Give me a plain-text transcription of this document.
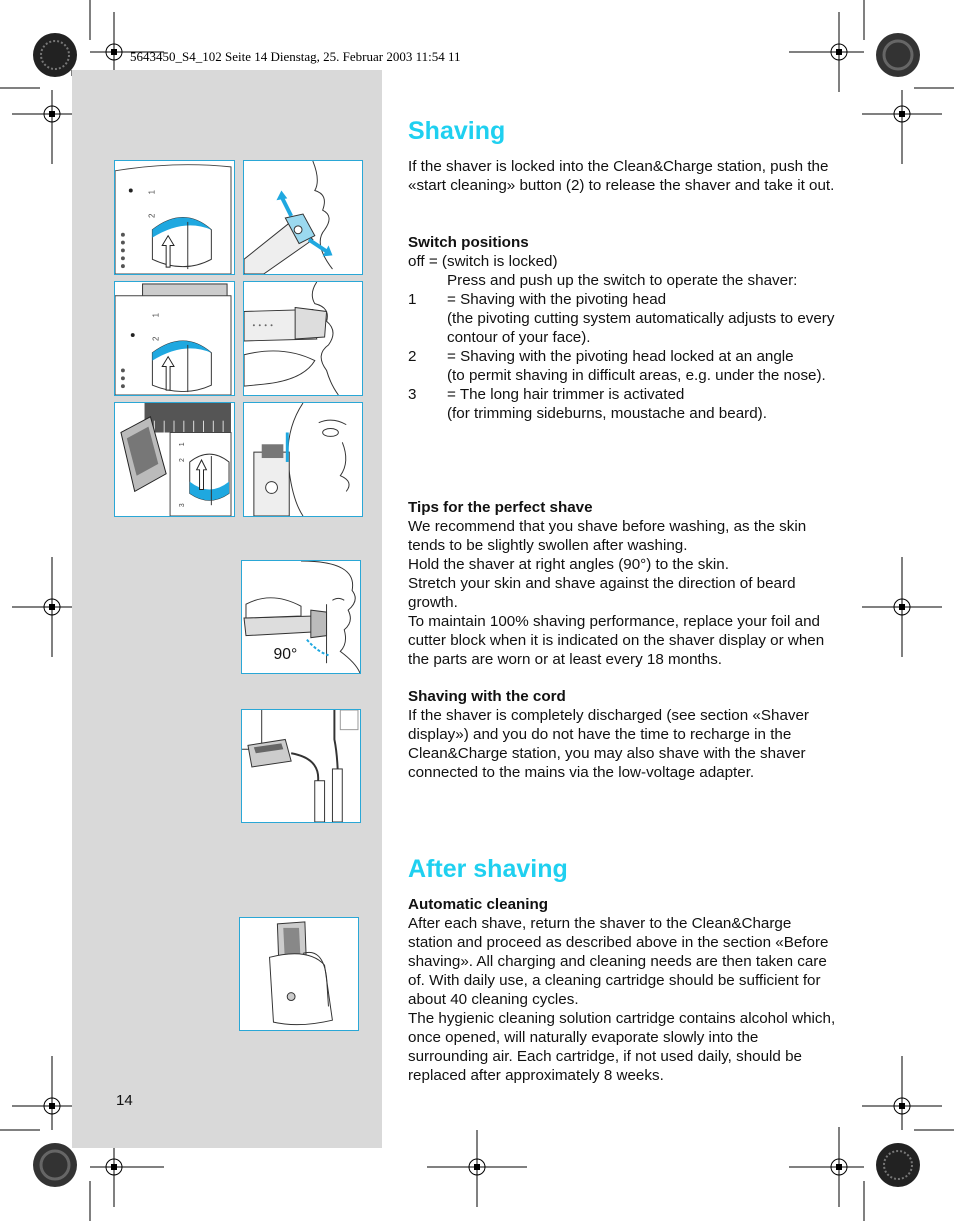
5643450_S4_102 Seite 14 Dienstag, 25. Februar 2003 11:54 11
1
2
1
2
1
2
3
90°
14
Shaving

If the shaver is locked into the Clean&Charge station, push the «start cleaning» button (2) to release the shaver and take it out.

Switch positions
off = (switch is locked)
Press and push up the switch to operate the shaver:
1	= Shaving with the pivoting head
(the pivoting cutting system automatically adjusts to every contour of your face).
2	= Shaving with the pivoting head locked at an angle
(to permit shaving in difficult areas, e.g. under the nose).
3	= The long hair trimmer is activated
(for trimming sideburns, moustache and beard).
Tips for the perfect shave
We recommend that you shave before washing, as the skin tends to be slightly swollen after washing.
Hold the shaver at right angles (90°) to the skin.
Stretch your skin and shave against the direction of beard growth.
To maintain 100% shaving performance, replace your foil and cutter block when it is indicated on the shaver display or when the parts are worn or at least every 18 months.
Shaving with the cord
If the shaver is completely discharged (see section «Shaver display») and you do not have the time to recharge in the Clean&Charge station, you may also shave with the shaver connected to the mains via the low-voltage adapter.
After shaving
Automatic cleaning
After each shave, return the shaver to the Clean&Charge station and proceed as described above in the section «Before shaving». All charging and cleaning needs are then taken care of. With daily use, a cleaning cartridge should be sufficient for about 40 cleaning cycles.
The hygienic cleaning solution cartridge contains alcohol which, once opened, will naturally evaporate slowly into the surrounding air. Each cartridge, if not used daily, should be replaced after approximately 8 weeks.
